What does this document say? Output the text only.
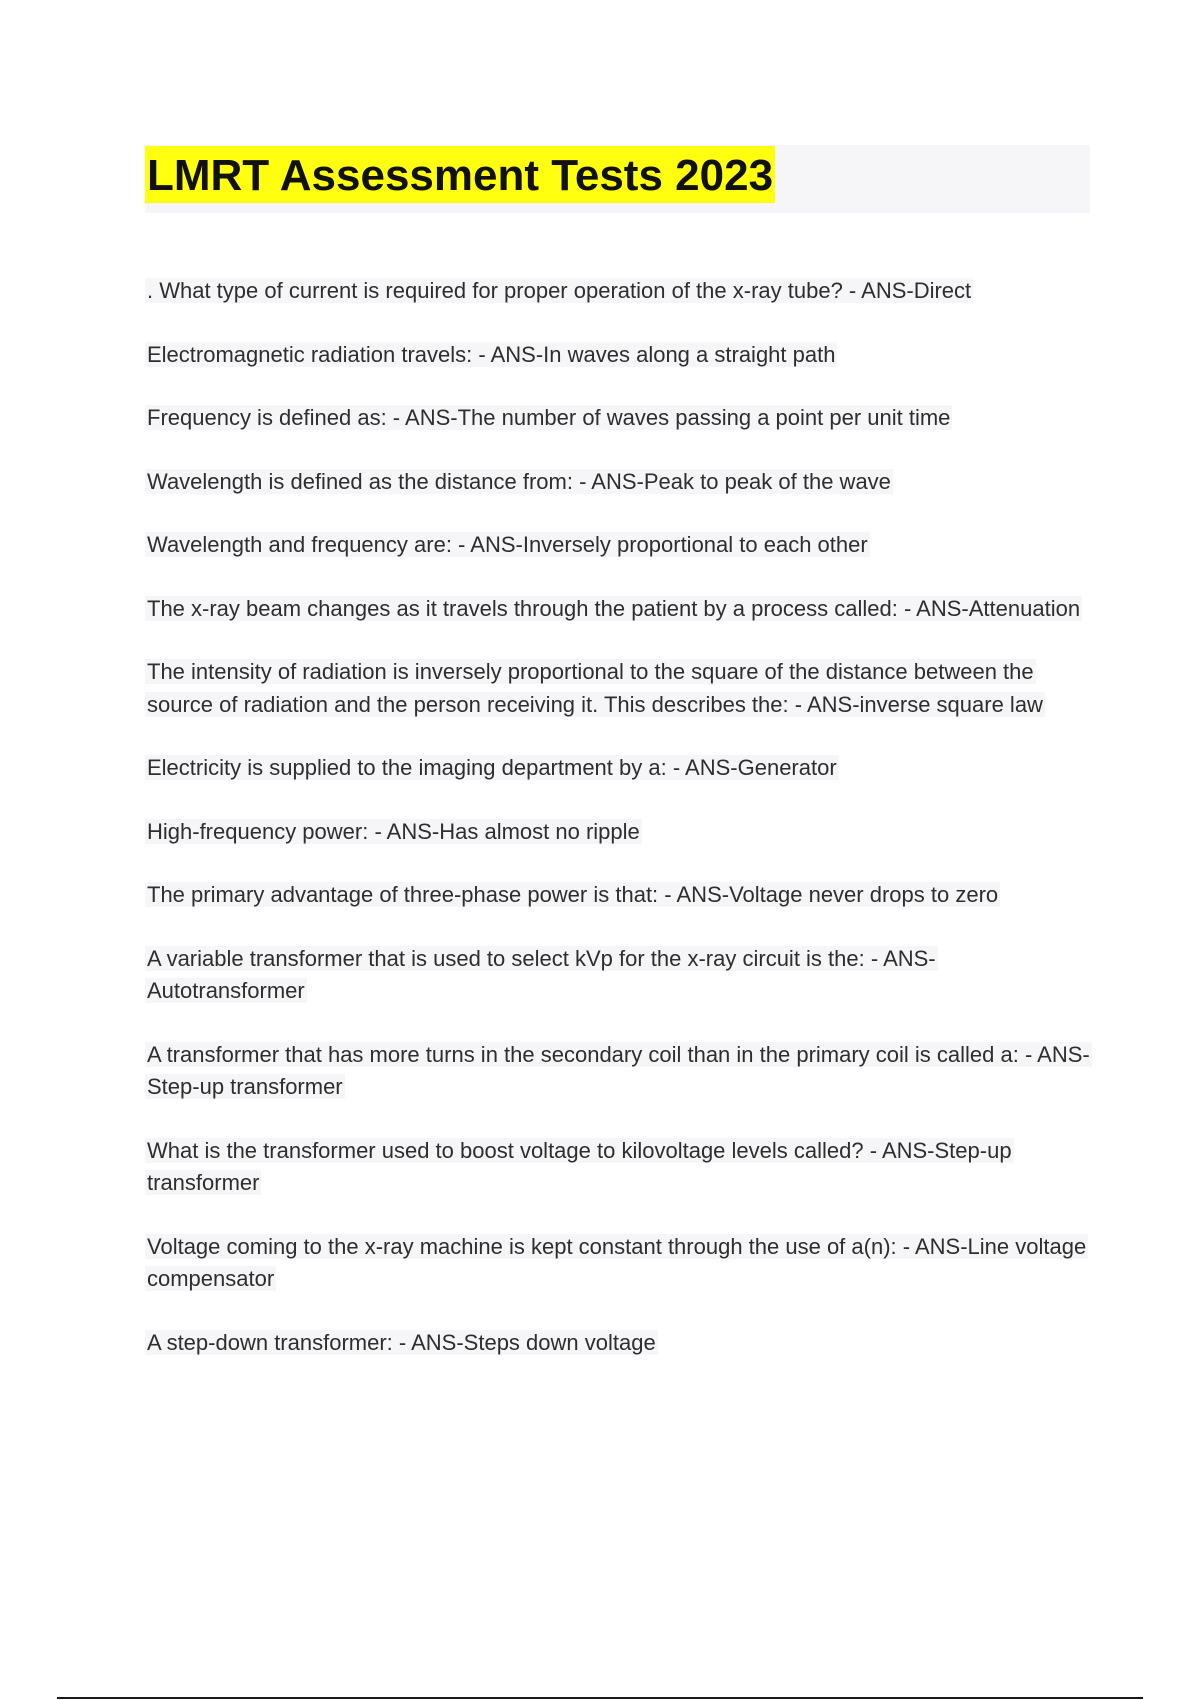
LMRT Assessment Tests 2023
. What type of current is required for proper operation of the x-ray tube? - ANS-Direct
Electromagnetic radiation travels: - ANS-In waves along a straight path
Frequency is defined as: - ANS-The number of waves passing a point per unit time
Wavelength is defined as the distance from: - ANS-Peak to peak of the wave
Wavelength and frequency are: - ANS-Inversely proportional to each other
The x-ray beam changes as it travels through the patient by a process called: - ANS-Attenuation
The intensity of radiation is inversely proportional to the square of the distance between the source of radiation and the person receiving it. This describes the: - ANS-inverse square law
Electricity is supplied to the imaging department by a: - ANS-Generator
High-frequency power: - ANS-Has almost no ripple
The primary advantage of three-phase power is that: - ANS-Voltage never drops to zero
A variable transformer that is used to select kVp for the x-ray circuit is the: - ANS-Autotransformer
A transformer that has more turns in the secondary coil than in the primary coil is called a: - ANS-Step-up transformer
What is the transformer used to boost voltage to kilovoltage levels called? - ANS-Step-up transformer
Voltage coming to the x-ray machine is kept constant through the use of a(n): - ANS-Line voltage compensator
A step-down transformer: - ANS-Steps down voltage
